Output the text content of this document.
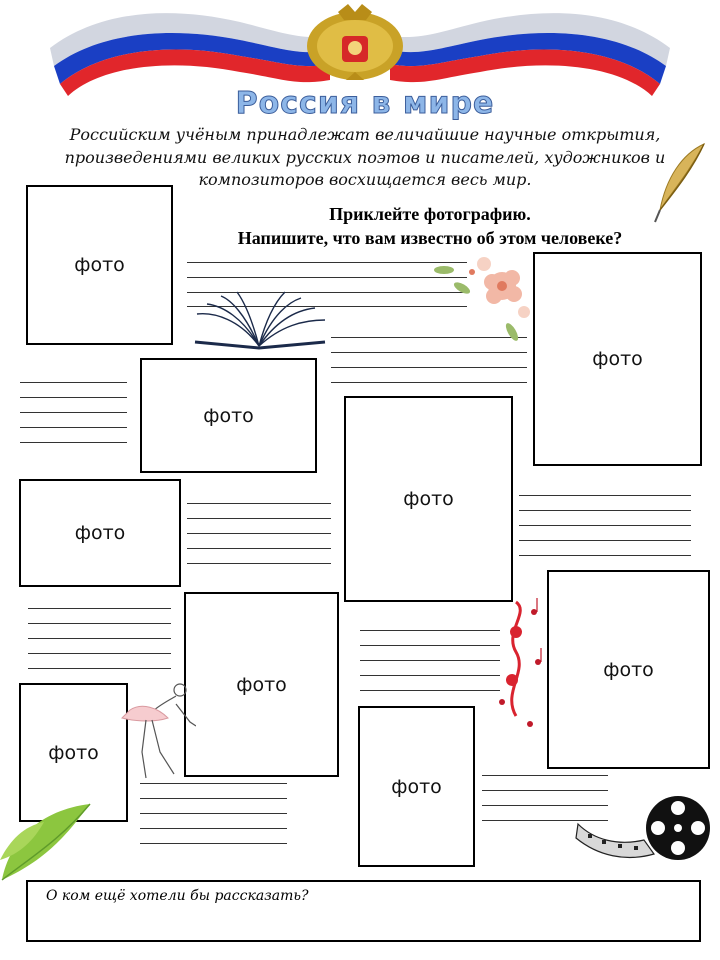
Россия в мире
Российским учёным принадлежат величайшие научные открытия, произведениями великих русских поэтов и писателей, художников и композиторов восхищается весь мир.
Приклейте фотографию.
Напишите, что вам известно об этом человеке?
фото
фото
фото
фото
фото
фото
фото
фото
фото
О ком ещё хотели бы рассказать?
